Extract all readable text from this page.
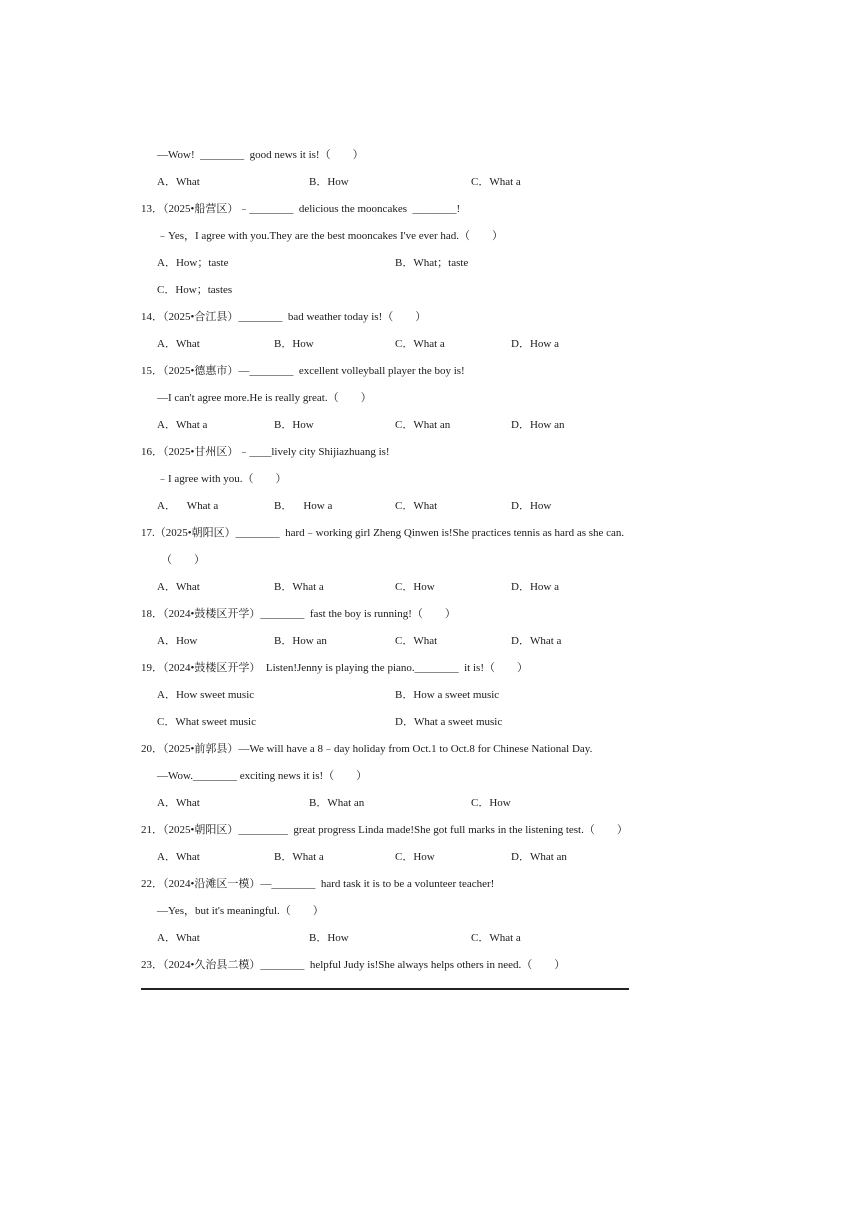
—Wow!  ________  good news it is!（        ）
A．What	B．How	C．What a
13．（2025•船营区）﹣________  delicious the mooncakes  ________!
﹣Yes，I agree with you.They are the best mooncakes I've ever had.（        ）
A．How；taste	B．What；taste
C．How；tastes
14．（2025•合江县）________  bad weather today is!（        ）
A．What	B．How	C．What a	D．How a
15．（2025•德惠市）—________  excellent volleyball player the boy is!
—I can't agree more.He is really great.（        ）
A．What a	B．How	C．What an	D．How an
16．（2025•甘州区）﹣____lively city Shijiazhuang is!
﹣I agree with you.（        ）
A．    What a	B．    How a	C．What	D．How
17.（2025•朝阳区）________  hard﹣working girl Zheng Qinwen is!She practices tennis as hard as she can.
（        ）
A．What	B．What a	C．How	D．How a
18．（2024•鼓楼区开学）________  fast the boy is running!（        ）
A．How	B．How an	C．What	D．What a
19．（2024•鼓楼区开学）  Listen!Jenny is playing the piano.________  it is!（        ）
A．How sweet music	B．How a sweet music
C．What sweet music	D．What a sweet music
20．（2025•前郭县）—We will have a 8﹣day holiday from Oct.1 to Oct.8 for Chinese National Day.
—Wow.________ exciting news it is!（        ）
A．What	B．What an	C．How
21．（2025•朝阳区）_________  great progress Linda made!She got full marks in the listening test.（        ）
A．What	B．What a	C．How	D．What an
22．（2024•沿滩区一模）—________  hard task it is to be a volunteer teacher!
—Yes，but it's meaningful.（        ）
A．What	B．How	C．What a
23．（2024•久治县二模）________  helpful Judy is!She always helps others in need.（        ）
